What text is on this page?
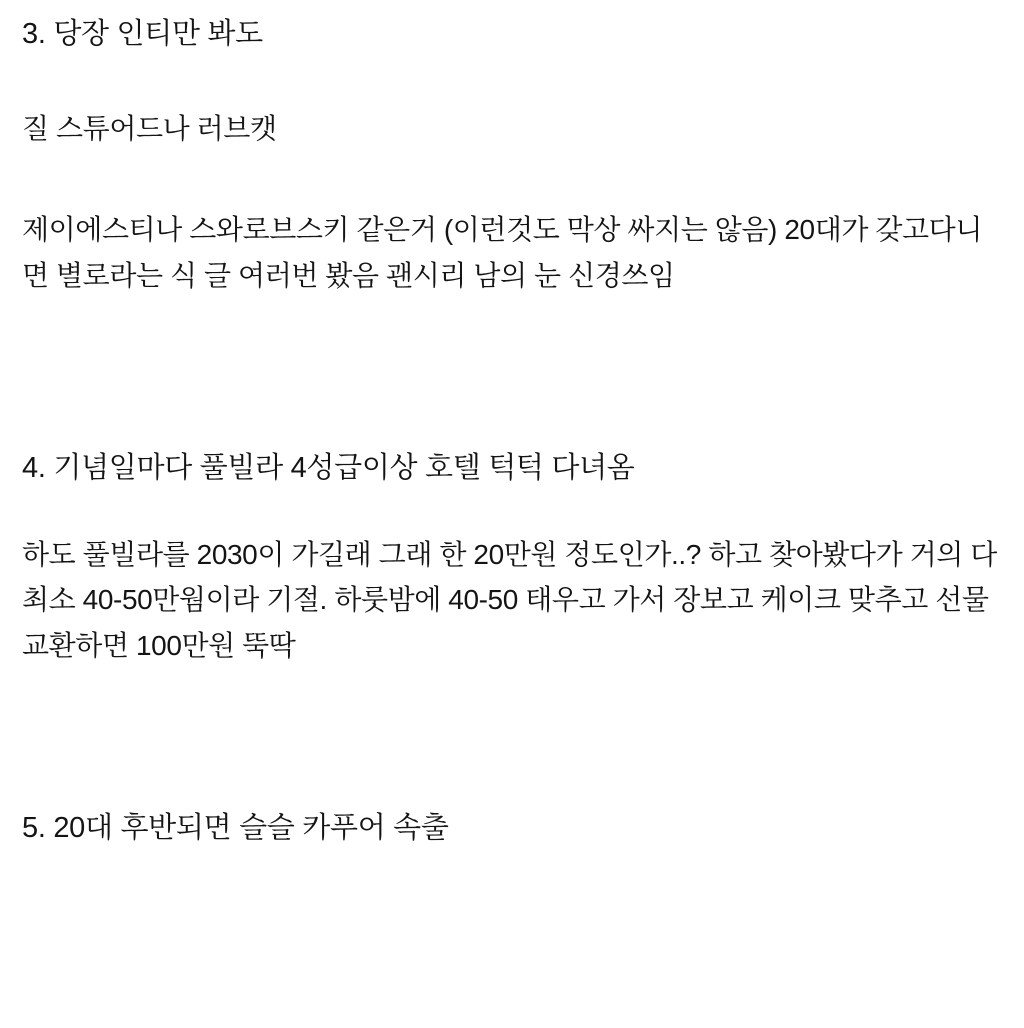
3. 당장 인티만 봐도

질 스튜어드나 러브캣

제이에스티나 스와로브스키 같은거 (이런것도 막상 싸지는 않음) 20대가 갖고다니면 별로라는 식 글 여러번 봤음 괜시리 남의 눈 신경쓰임

4. 기념일마다 풀빌라 4성급이상 호텔 턱턱 다녀옴

하도 풀빌라를 2030이 가길래 그래 한 20만원 정도인가..? 하고 찾아봤다가 거의 다 최소 40-50만웜이라 기절. 하룻밤에 40-50 태우고 가서 장보고 케이크 맞추고 선물 교환하면 100만원 뚝딱

5. 20대 후반되면 슬슬 카푸어 속출
